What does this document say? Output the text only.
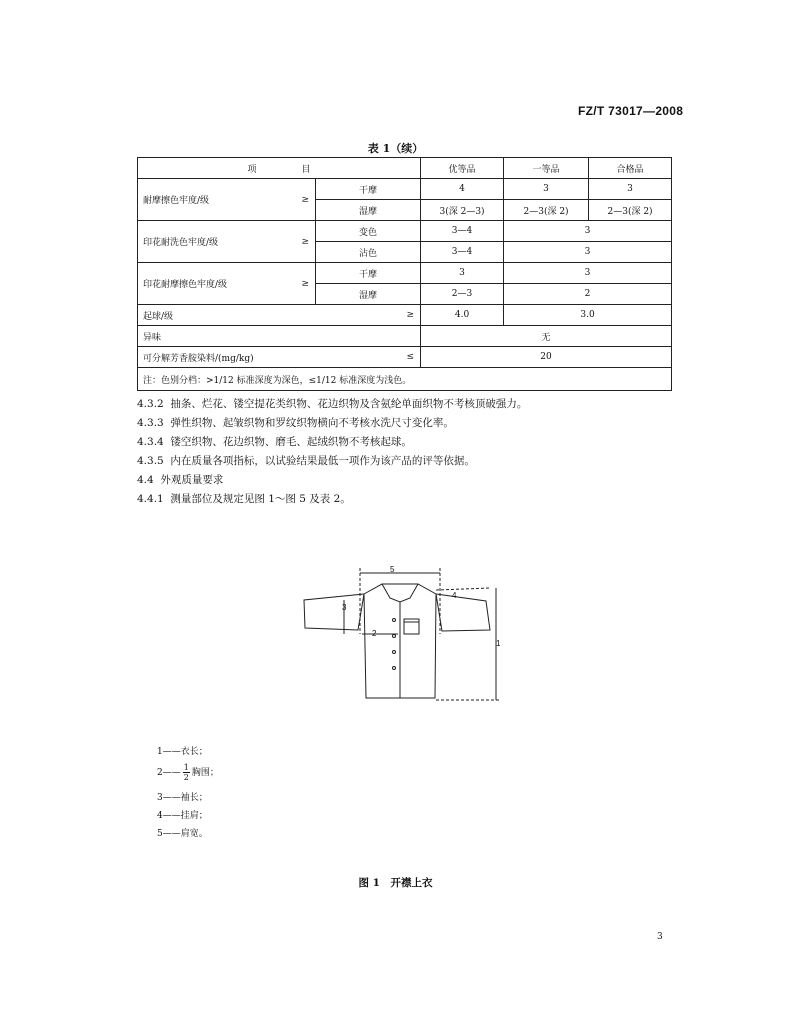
FZ/T 73017—2008
表 1（续）
项　　　　　目			优等品	一等品	合格品
耐摩擦色牢度/级	≥	干摩	4	3	3
		湿摩	3(深 2—3)	2—3(深 2)	2—3(深 2)
印花耐洗色牢度/级	≥	变色	3—4	3	
		沾色	3—4	3	
印花耐摩擦色牢度/级	≥	干摩	3	3	
		湿摩	2—3	2	
起球/级		≥	4.0	3.0	
异味			无		
可分解芳香胺染料/(mg/kg)		≤	20		
注：色别分档：>1/12 标准深度为深色，≤1/12 标准深度为浅色。					
4.3.2 抽条、烂花、镂空提花类织物、花边织物及含氨纶单面织物不考核顶破强力。
4.3.3 弹性织物、起皱织物和罗纹织物横向不考核水洗尺寸变化率。
4.3.4 镂空织物、花边织物、磨毛、起绒织物不考核起球。
4.3.5 内在质量各项指标，以试验结果最低一项作为该产品的评等依据。
4.4 外观质量要求
4.4.1 测量部位及规定见图 1～图 5 及表 2。
1
2
3
4
5
1——衣长；
2—— $\frac{1}{2}$ 胸围；
3——袖长；
4——挂肩；
5——肩宽。
图 1　开襟上衣
3
